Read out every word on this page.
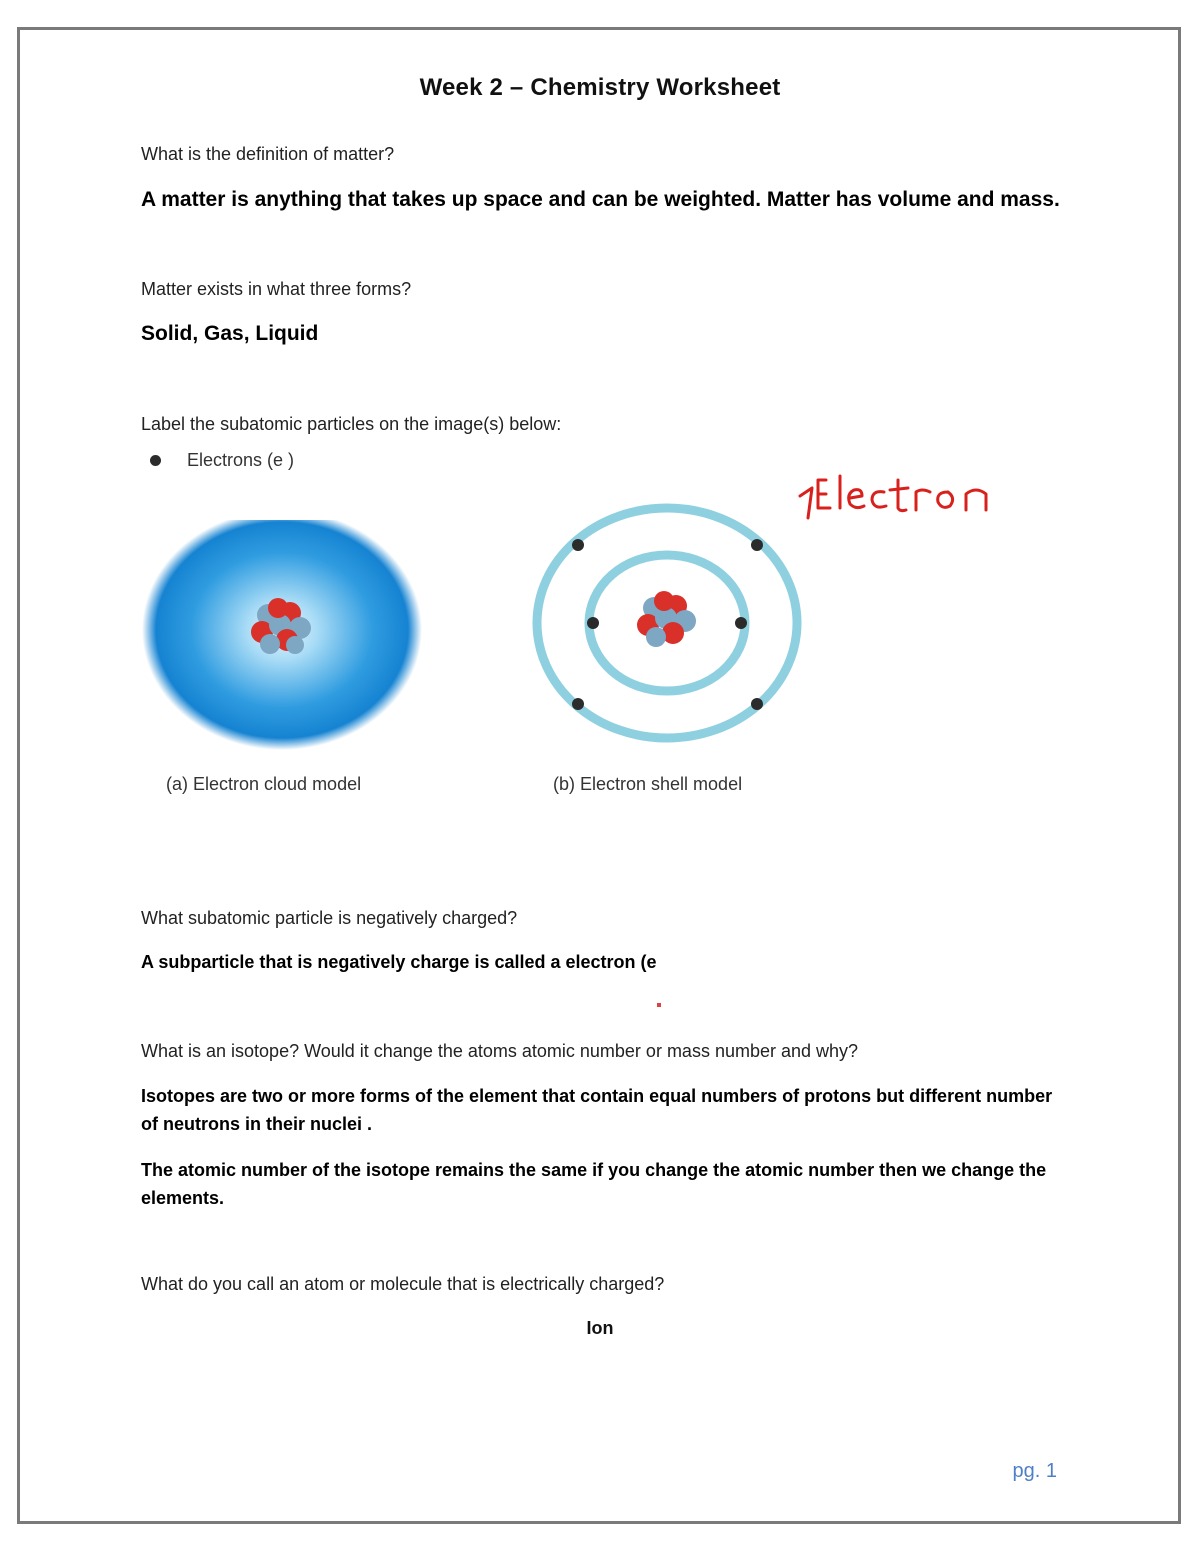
Week 2 – Chemistry Worksheet
What is the definition of matter?
A matter is anything that takes up space and can be weighted. Matter has volume and mass.
Matter exists in what three forms?
Solid, Gas, Liquid
Label the subatomic particles on the image(s) below:
Electrons (e )
(a) Electron cloud model	(b) Electron shell model
What subatomic particle is negatively charged?
A subparticle that is negatively charge is called a electron (e
What is an isotope? Would it change the atoms atomic number or mass number and why?
Isotopes are two or more forms of the element that contain equal numbers of protons but different number of neutrons in their nuclei .
The atomic number of the isotope remains the same if you change the atomic number then we change the elements.
What do you call an atom or molecule that is electrically charged?
Ion
pg. 1
